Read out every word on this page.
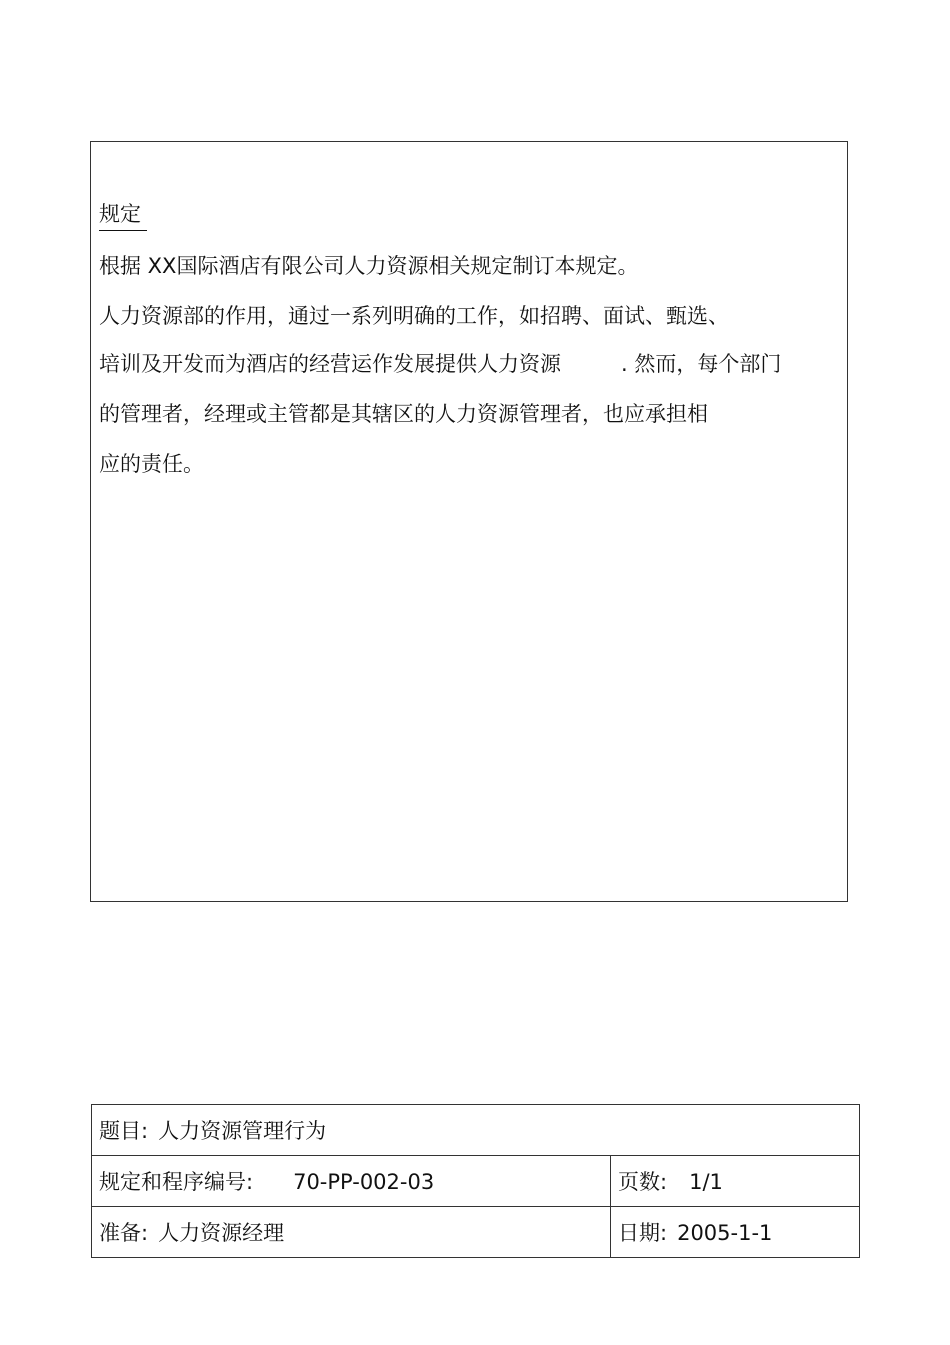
规定
根据 XX国际酒店有限公司人力资源相关规定制订本规定。
人力资源部的作用，通过一系列明确的工作，如招聘、面试、甄选、
培训及开发而为酒店的经营运作发展提供人力资源	. 然而，每个部门
的管理者，经理或主管都是其辖区的人力资源管理者，也应承担相
应的责任。
题目: 人力资源管理行为	
规定和程序编号: 70-PP-002-03	页数: 1/1
准备: 人力资源经理	日期: 2005-1-1
